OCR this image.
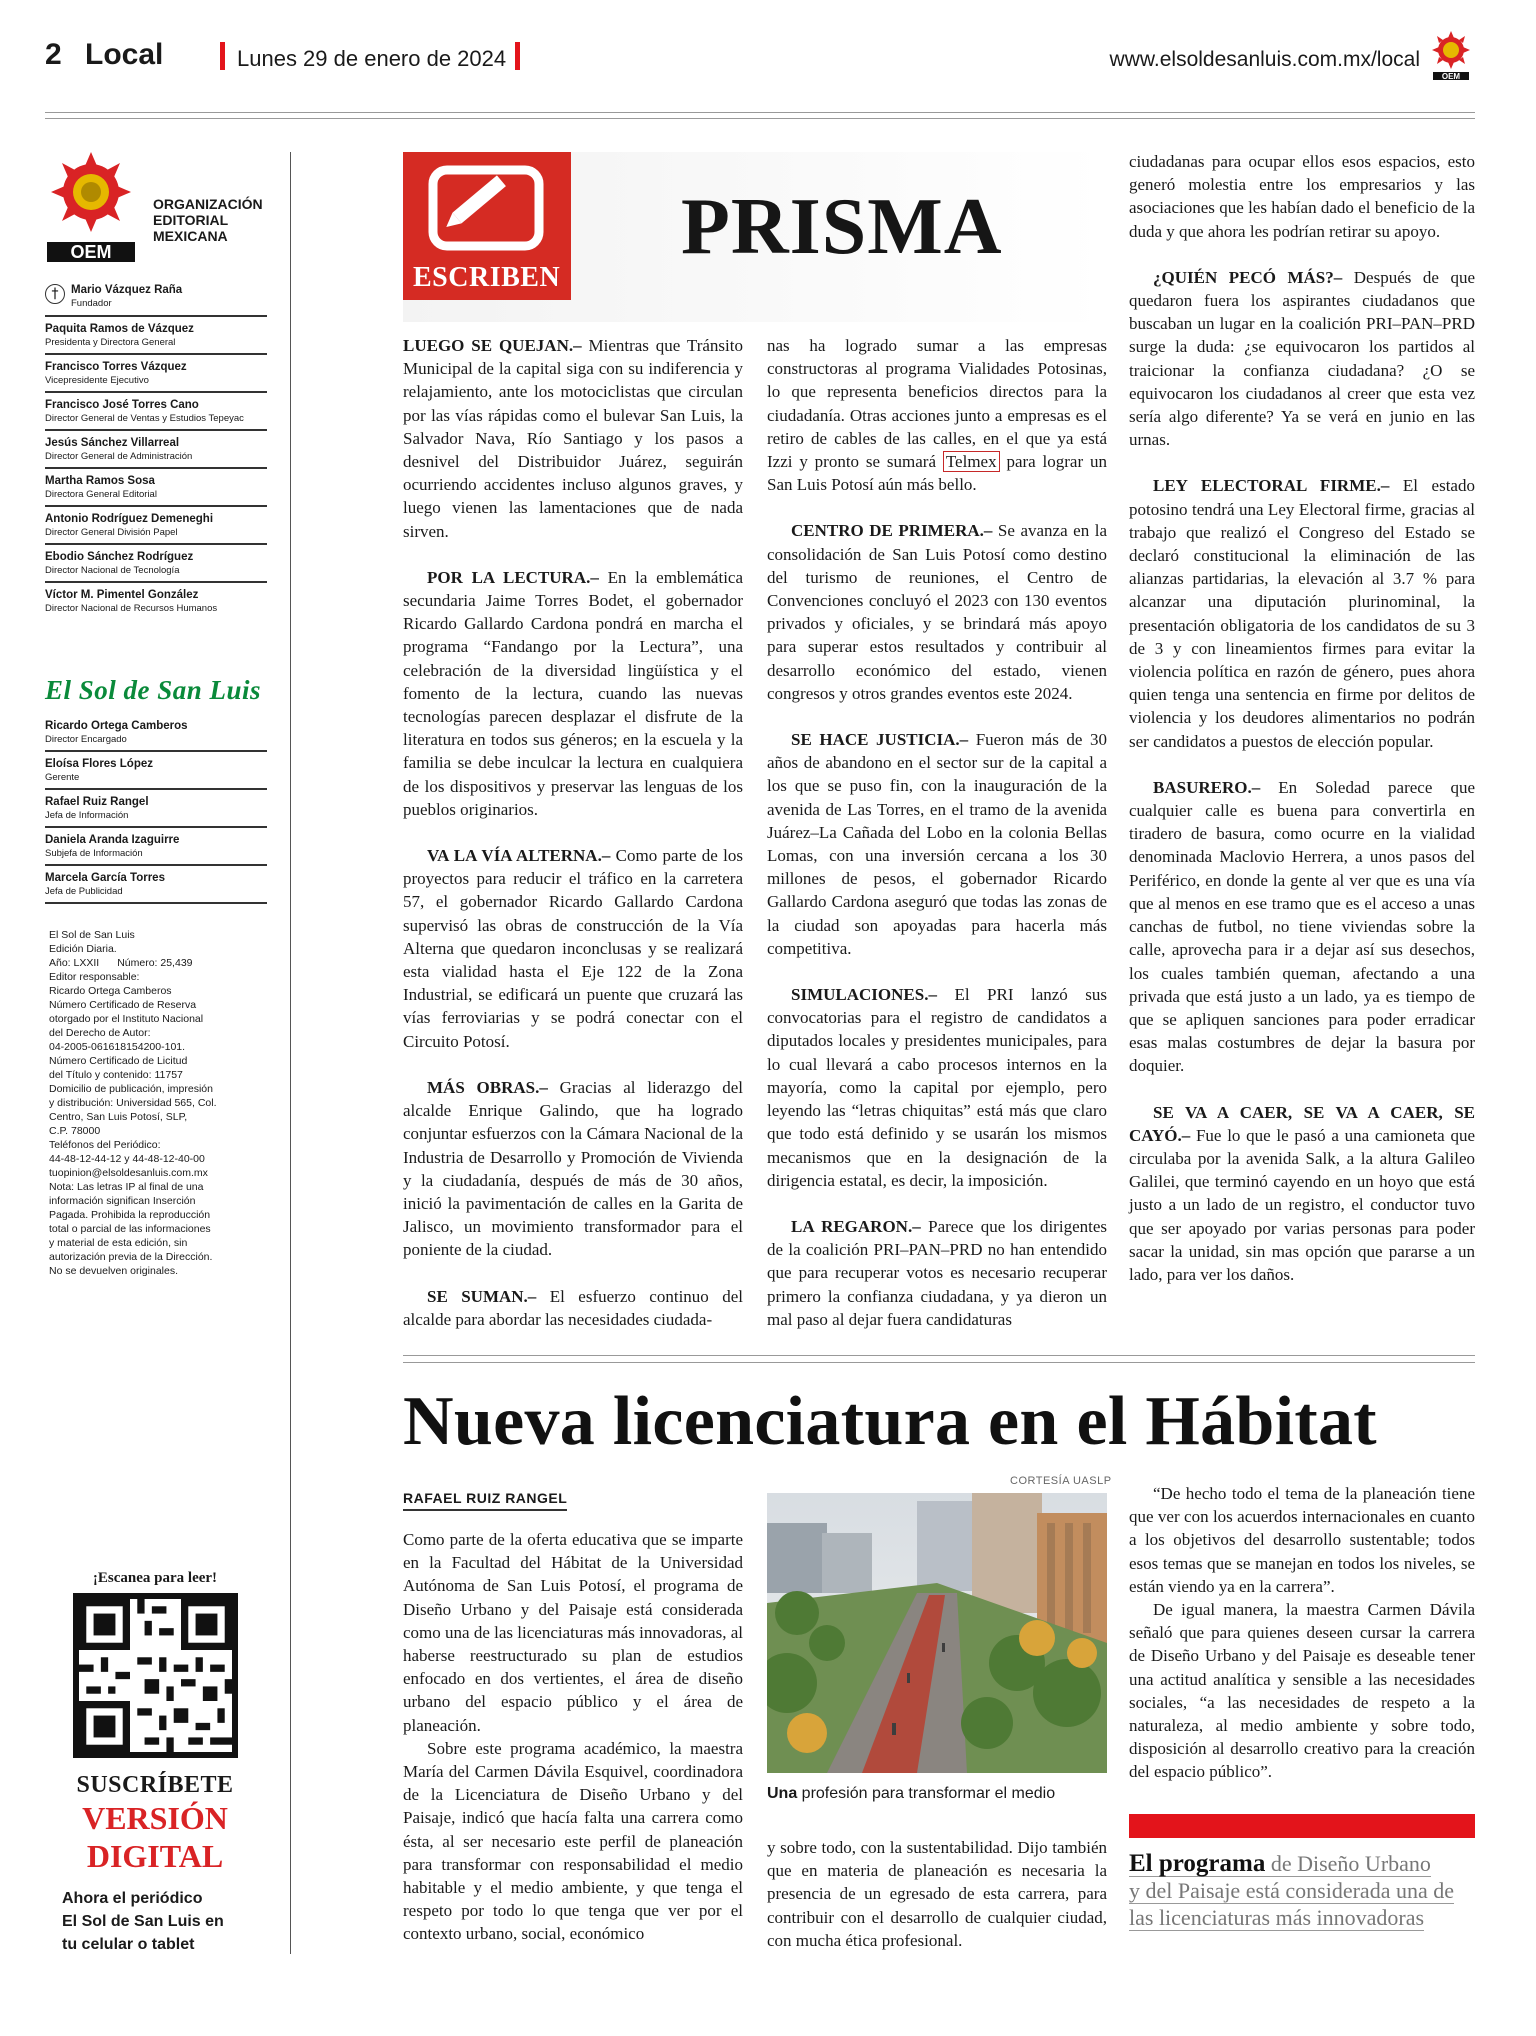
2 Local	Lunes 29 de enero de 2024	www.elsoldesanluis.com.mx/local
OEM
OEM
ORGANIZACIÓN
EDITORIAL
MEXICANA
†	Mario Vázquez Raña
Fundador
Paquita Ramos de Vázquez
Presidenta y Directora General
Francisco Torres Vázquez
Vicepresidente Ejecutivo
Francisco José Torres Cano
Director General de Ventas y Estudios Tepeyac
Jesús Sánchez Villarreal
Director General de Administración
Martha Ramos Sosa
Directora General Editorial
Antonio Rodríguez Demeneghi
Director General División Papel
Ebodio Sánchez Rodríguez
Director Nacional de Tecnología
Víctor M. Pimentel González
Director Nacional de Recursos Humanos
El Sol de San Luis
Ricardo Ortega Camberos
Director Encargado
Eloísa Flores López
Gerente
Rafael Ruiz Rangel
Jefa de Información
Daniela Aranda Izaguirre
Subjefa de Información
Marcela García Torres
Jefa de Publicidad
El Sol de San Luis
Edición Diaria.
Año: LXXII Número: 25,439
Editor responsable:
Ricardo Ortega Camberos
Número Certificado de Reserva
otorgado por el Instituto Nacional
del Derecho de Autor:
04-2005-061618154200-101.
Número Certificado de Licitud
del Título y contenido: 11757
Domicilio de publicación, impresión
y distribución: Universidad 565, Col.
Centro, San Luis Potosí, SLP,
C.P. 78000
Teléfonos del Periódico:
44-48-12-44-12 y 44-48-12-40-00
tuopinion@elsoldesanluis.com.mx
Nota: Las letras IP al final de una
información significan Inserción
Pagada. Prohibida la reproducción
total o parcial de las informaciones
y material de esta edición, sin
autorización previa de la Dirección.
No se devuelven originales.
¡Escanea para leer!
SUSCRÍBETE
VERSIÓN
DIGITAL
Ahora el periódico
El Sol de San Luis en
tu celular o tablet
ESCRIBEN
PRISMA

LUEGO SE QUEJAN.– Mientras que Tránsito Municipal de la capital siga con su indiferencia y relajamiento, ante los motociclistas que circulan por las vías rápidas como el bulevar San Luis, la Salvador Nava, Río Santiago y los pasos a desnivel del Distribuidor Juárez, seguirán ocurriendo accidentes incluso algunos graves, y luego vienen las lamentaciones que de nada sirven.

POR LA LECTURA.– En la emblemática secundaria Jaime Torres Bodet, el gobernador Ricardo Gallardo Cardona pondrá en marcha el programa “Fandango por la Lectura”, una celebración de la diversidad lingüística y el fomento de la lectura, cuando las nuevas tecnologías parecen desplazar el disfrute de la literatura en todos sus géneros; en la escuela y la familia se debe inculcar la lectura en cualquiera de los dispositivos y preservar las lenguas de los pueblos originarios.

VA LA VÍA ALTERNA.– Como parte de los proyectos para reducir el tráfico en la carretera 57, el gobernador Ricardo Gallardo Cardona supervisó las obras de construcción de la Vía Alterna que quedaron inconclusas y se realizará esta vialidad hasta el Eje 122 de la Zona Industrial, se edificará un puente que cruzará las vías ferroviarias y se podrá conectar con el Circuito Potosí.

MÁS OBRAS.– Gracias al liderazgo del alcalde Enrique Galindo, que ha logrado conjuntar esfuerzos con la Cámara Nacional de la Industria de Desarrollo y Promoción de Vivienda y la ciudadanía, después de más de 30 años, inició la pavimentación de calles en la Garita de Jalisco, un movimiento transformador para el poniente de la ciudad.

SE SUMAN.– El esfuerzo continuo del alcalde para abordar las necesidades ciudada-

nas ha logrado sumar a las empresas constructoras al programa Vialidades Potosinas, lo que representa beneficios directos para la ciudadanía. Otras acciones junto a empresas es el retiro de cables de las calles, en el que ya está Izzi y pronto se sumará Telmex para lograr un San Luis Potosí aún más bello.

CENTRO DE PRIMERA.– Se avanza en la consolidación de San Luis Potosí como destino del turismo de reuniones, el Centro de Convenciones concluyó el 2023 con 130 eventos privados y oficiales, y se brindará más apoyo para superar estos resultados y contribuir al desarrollo económico del estado, vienen congresos y otros grandes eventos este 2024.

SE HACE JUSTICIA.– Fueron más de 30 años de abandono en el sector sur de la capital a los que se puso fin, con la inauguración de la avenida de Las Torres, en el tramo de la avenida Juárez–La Cañada del Lobo en la colonia Bellas Lomas, con una inversión cercana a los 30 millones de pesos, el gobernador Ricardo Gallardo Cardona aseguró que todas las zonas de la ciudad son apoyadas para hacerla más competitiva.

SIMULACIONES.– El PRI lanzó sus convocatorias para el registro de candidatos a diputados locales y presidentes municipales, para lo cual llevará a cabo procesos internos en la mayoría, como la capital por ejemplo, pero leyendo las “letras chiquitas” está más que claro que todo está definido y se usarán los mismos mecanismos que en la designación de la dirigencia estatal, es decir, la imposición.

LA REGARON.– Parece que los dirigentes de la coalición PRI–PAN–PRD no han entendido que para recuperar votos es necesario recuperar primero la confianza ciudadana, y ya dieron un mal paso al dejar fuera candidaturas

ciudadanas para ocupar ellos esos espacios, esto generó molestia entre los empresarios y las asociaciones que les habían dado el beneficio de la duda y que ahora les podrían retirar su apoyo.

¿QUIÉN PECÓ MÁS?– Después de que quedaron fuera los aspirantes ciudadanos que buscaban un lugar en la coalición PRI–PAN–PRD surge la duda: ¿se equivocaron los partidos al traicionar la confianza ciudadana? ¿O se equivocaron los ciudadanos al creer que esta vez sería algo diferente? Ya se verá en junio en las urnas.

LEY ELECTORAL FIRME.– El estado potosino tendrá una Ley Electoral firme, gracias al trabajo que realizó el Congreso del Estado se declaró constitucional la eliminación de las alianzas partidarias, la elevación al 3.7 % para alcanzar una diputación plurinominal, la presentación obligatoria de los candidatos de su 3 de 3 y con lineamientos firmes para evitar la violencia política en razón de género, pues ahora quien tenga una sentencia en firme por delitos de violencia y los deudores alimentarios no podrán ser candidatos a puestos de elección popular.

BASURERO.– En Soledad parece que cualquier calle es buena para convertirla en tiradero de basura, como ocurre en la vialidad denominada Maclovio Herrera, a unos pasos del Periférico, en donde la gente al ver que es una vía que al menos en ese tramo que es el acceso a unas canchas de futbol, no tiene viviendas sobre la calle, aprovecha para ir a dejar así sus desechos, los cuales también queman, afectando a una privada que está justo a un lado, ya es tiempo de que se apliquen sanciones para poder erradicar esas malas costumbres de dejar la basura por doquier.

SE VA A CAER, SE VA A CAER, SE CAYÓ.– Fue lo que le pasó a una camioneta que circulaba por la avenida Salk, a la altura Galileo Galilei, que terminó cayendo en un hoyo que está justo a un lado de un registro, el conductor tuvo que ser apoyado por varias personas para poder sacar la unidad, sin mas opción que pararse a un lado, para ver los daños.

Nueva licenciatura en el Hábitat
RAFAEL RUIZ RANGEL
CORTESÍA UASLP
Una profesión para transformar el medio

Como parte de la oferta educativa que se imparte en la Facultad del Hábitat de la Universidad Autónoma de San Luis Potosí, el programa de Diseño Urbano y del Paisaje está considerada como una de las licenciaturas más innovadoras, al haberse reestructurado su plan de estudios enfocado en dos vertientes, el área de diseño urbano del espacio público y el área de planeación.

Sobre este programa académico, la maestra María del Carmen Dávila Esquivel, coordinadora de la Licenciatura de Diseño Urbano y del Paisaje, indicó que hacía falta una carrera como ésta, al ser necesario este perfil de planeación para transformar con responsabilidad el medio habitable y el medio ambiente, y que tenga el respeto por todo lo que tenga que ver por el contexto urbano, social, económico

y sobre todo, con la sustentabilidad. Dijo también que en materia de planeación es necesaria la presencia de un egresado de esta carrera, para contribuir con el desarrollo de cualquier ciudad, con mucha ética profesional.

“De hecho todo el tema de la planeación tiene que ver con los acuerdos internacionales en cuanto a los objetivos del desarrollo sustentable; todos esos temas que se manejan en todos los niveles, se están viendo ya en la carrera”.

De igual manera, la maestra Carmen Dávila señaló que para quienes deseen cursar la carrera de Diseño Urbano y del Paisaje es deseable tener una actitud analítica y sensible a las necesidades sociales, “a las necesidades de respeto a la naturaleza, al medio ambiente y sobre todo, disposición al desarrollo creativo para la creación del espacio público”.

El programa de Diseño Urbano
y del Paisaje está considerada una de
las licenciaturas más innovadoras
